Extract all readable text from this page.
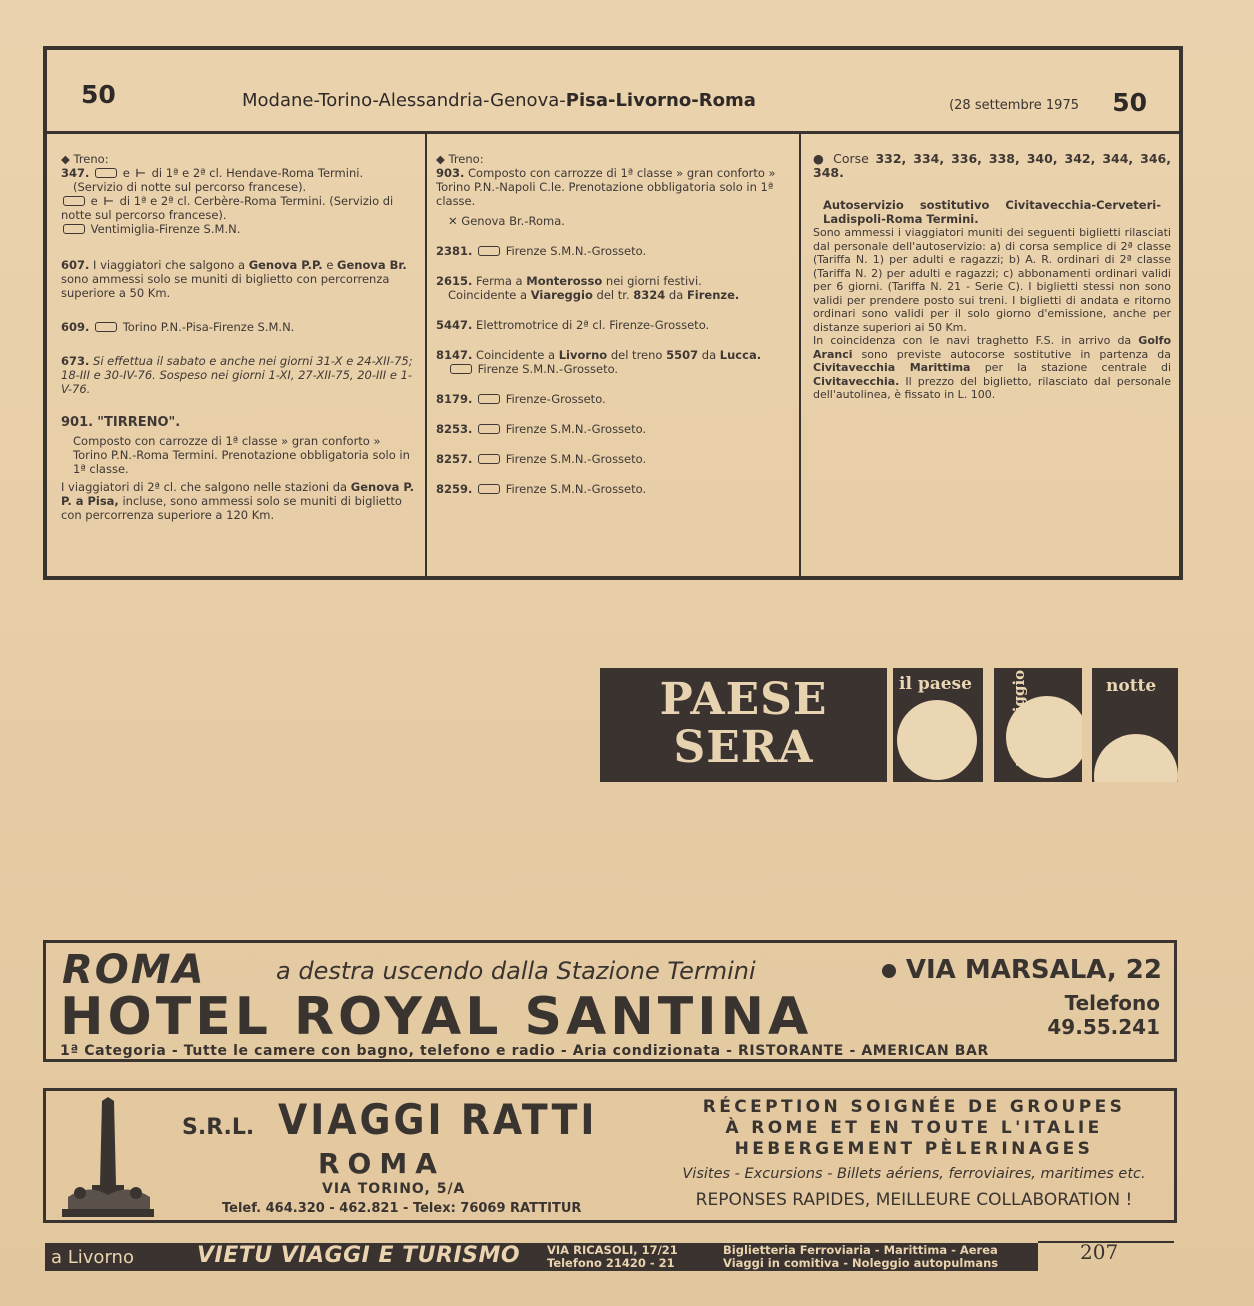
50	Modane-Torino-Alessandria-Genova-Pisa-Livorno-Roma	(28 settembre 1975 50

◆ Treno:

347.	e ⊢ di 1ª e 2ª cl. Hendave-Roma Termini.

(Servizio di notte sul percorso francese).

e ⊢ di 1ª e 2ª cl. Cerbère-Roma Termini. (Servizio di notte sul percorso francese).

Ventimiglia-Firenze S.M.N.

607. I viaggiatori che salgono a Genova P.P. e Genova Br. sono ammessi solo se muniti di biglietto con percorrenza superiore a 50 Km.

609.	Torino P.N.-Pisa-Firenze S.M.N.

673. Si effettua il sabato e anche nei giorni 31-X e 24-XII-75; 18-III e 30-IV-76. Sospeso nei giorni 1-XI, 27-XII-75, 20-III e 1-V-76.

901. "TIRRENO".

Composto con carrozze di 1ª classe » gran conforto » Torino P.N.-Roma Termini. Prenotazione obbligatoria solo in 1ª classe.

I viaggiatori di 2ª cl. che salgono nelle stazioni da Genova P. P. a Pisa, incluse, sono ammessi solo se muniti di biglietto con percorrenza superiore a 120 Km.

◆ Treno:

903. Composto con carrozze di 1ª classe » gran conforto » Torino P.N.-Napoli C.le. Prenotazione obbligatoria solo in 1ª classe.

✕ Genova Br.-Roma.

2381.	Firenze S.M.N.-Grosseto.

2615. Ferma a Monterosso nei giorni festivi.

Coincidente a Viareggio del tr. 8324 da Firenze.

5447. Elettromotrice di 2ª cl. Firenze-Grosseto.

8147. Coincidente a Livorno del treno 5507 da Lucca.

Firenze S.M.N.-Grosseto.

8179.	Firenze-Grosseto.

8253.	Firenze S.M.N.-Grosseto.

8257.	Firenze S.M.N.-Grosseto.

8259.	Firenze S.M.N.-Grosseto.

● Corse 332, 334, 336, 338, 340, 342, 344, 346, 348.

Autoservizio sostitutivo Civitavecchia-Cerveteri-Ladispoli-Roma Termini.

Sono ammessi i viaggiatori muniti dei seguenti biglietti rilasciati dal personale dell'autoservizio: a) di corsa semplice di 2ª classe (Tariffa N. 1) per adulti e ragazzi; b) A. R. ordinari di 2ª classe (Tariffa N. 2) per adulti e ragazzi; c) abbonamenti ordinari validi per 6 giorni. (Tariffa N. 21 - Serie C). I biglietti stessi non sono validi per prendere posto sui treni. I biglietti di andata e ritorno ordinari sono validi per il solo giorno d'emissione, anche per distanze superiori ai 50 Km.

In coincidenza con le navi traghetto F.S. in arrivo da Golfo Aranci sono previste autocorse sostitutive in partenza da Civitavecchia Marittima per la stazione centrale di Civitavecchia. Il prezzo del biglietto, rilasciato dal personale dell'autolinea, è fissato in L. 100.

PAESE
SERA
il paese	notte
ROMA	a destra uscendo dalla Stazione Termini	VIA MARSALA, 22
HOTEL ROYAL SANTINA	Telefono
49.55.241
1ª Categoria - Tutte le camere con bagno, telefono e radio - Aria condizionata - RISTORANTE - AMERICAN BAR
S.R.L. VIAGGI RATTI
ROMA
VIA TORINO, 5/A
Telef. 464.320 - 462.821 - Telex: 76069 RATTITUR
RÉCEPTION SOIGNÉE DE GROUPES
À ROME ET EN TOUTE L'ITALIE
HEBERGEMENT PÈLERINAGES
Visites - Excursions - Billets aériens, ferroviaires, maritimes etc.
REPONSES RAPIDES, MEILLEURE COLLABORATION !
a Livorno	VIETU VIAGGI E TURISMO VIA RICASOLI, 17/21
Telefono 21420 - 21
Biglietteria Ferroviaria - Marittima - Aerea
Viaggi in comitiva - Noleggio autopulmans	207
